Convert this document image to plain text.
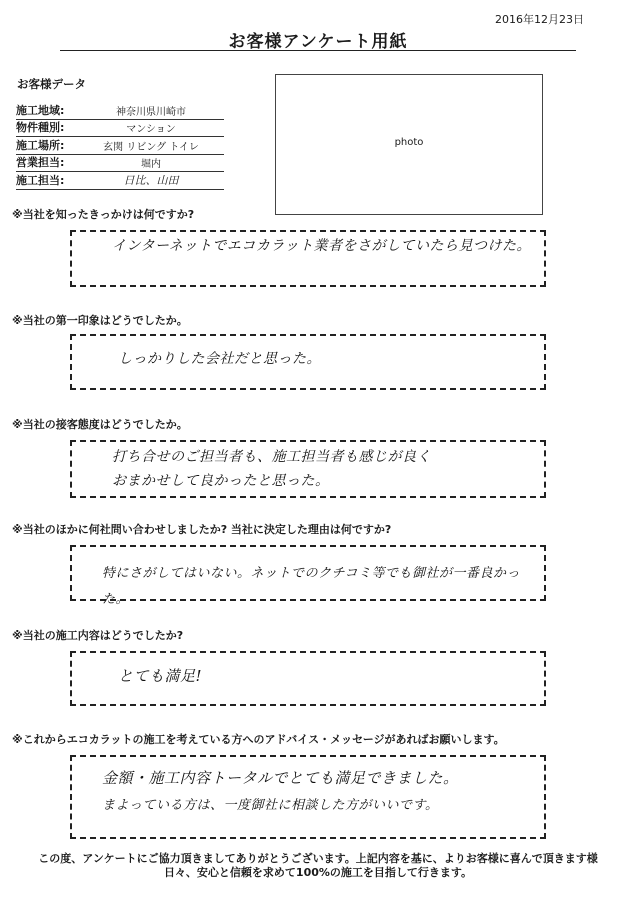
2016年12月23日
お客様アンケート用紙
お客様データ
施工地域:	神奈川県川崎市
物件種別:	マンション
施工場所:	玄関 リビング トイレ
営業担当:	堀内
施工担当:	日比、山田
photo
※当社を知ったきっかけは何ですか?
インターネットでエコカラット業者をさがしていたら見つけた。
※当社の第一印象はどうでしたか。
しっかりした会社だと思った。
※当社の接客態度はどうでしたか。
打ち合せのご担当者も、施工担当者も感じが良く
おまかせして良かったと思った。
※当社のほかに何社問い合わせしましたか? 当社に決定した理由は何ですか?
特にさがしてはいない。ネットでのクチコミ等でも御社が一番良かった。
※当社の施工内容はどうでしたか?
とても満足!
※これからエコカラットの施工を考えている方へのアドバイス・メッセージがあればお願いします。
金額・施工内容トータルでとても満足できました。
まよっている方は、一度御社に相談した方がいいです。
この度、アンケートにご協力頂きましてありがとうございます。上記内容を基に、よりお客様に喜んで頂きます様
日々、安心と信頼を求めて100%の施工を目指して行きます。
